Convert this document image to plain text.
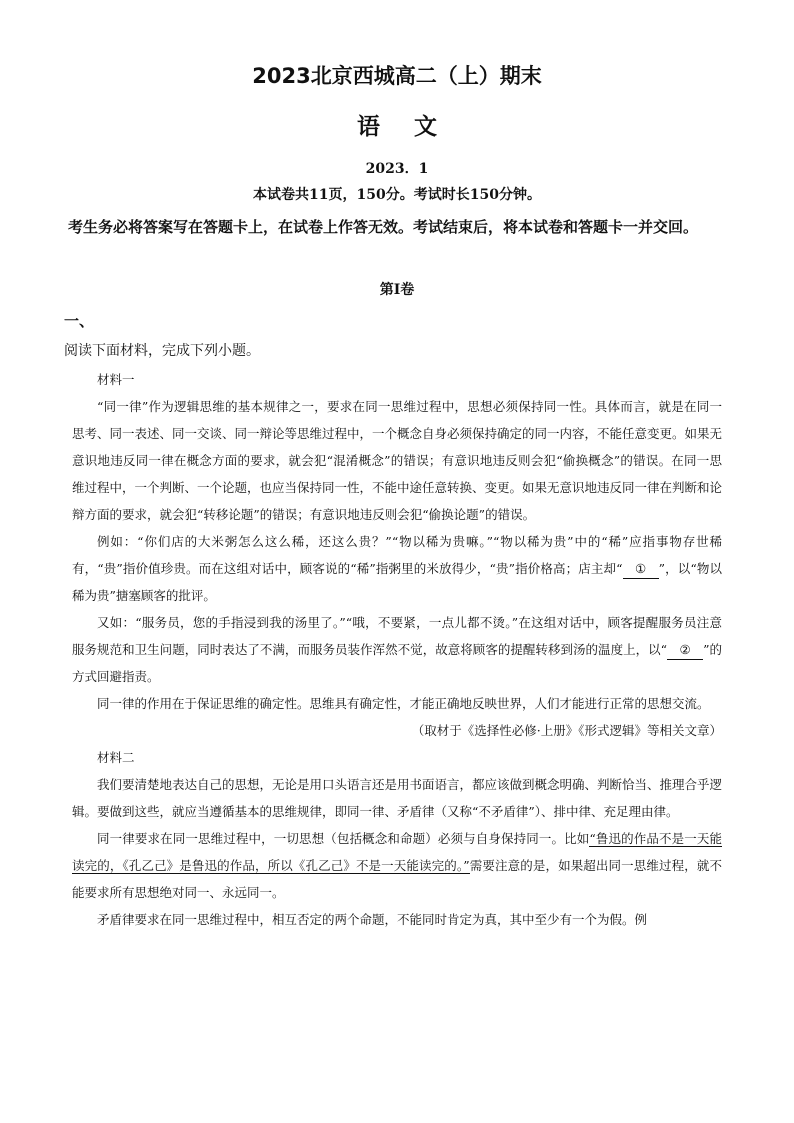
2023北京西城高二（上）期末
语文
2023．1
本试卷共11页，150分。考试时长150分钟。
考生务必将答案写在答题卡上，在试卷上作答无效。考试结束后，将本试卷和答题卡一并交回。
第Ⅰ卷
一、
阅读下面材料，完成下列小题。

材料一

“同一律”作为逻辑思维的基本规律之一，要求在同一思维过程中，思想必须保持同一性。具体而言，就是在同一思考、同一表述、同一交谈、同一辩论等思维过程中，一个概念自身必须保持确定的同一内容，不能任意变更。如果无意识地违反同一律在概念方面的要求，就会犯“混淆概念”的错误；有意识地违反则会犯“偷换概念”的错误。在同一思维过程中，一个判断、一个论题，也应当保持同一性，不能中途任意转换、变更。如果无意识地违反同一律在判断和论辩方面的要求，就会犯“转移论题”的错误；有意识地违反则会犯“偷换论题”的错误。

例如：“你们店的大米粥怎么这么稀，还这么贵？”“物以稀为贵嘛。”“物以稀为贵”中的“稀”应指事物存世稀有，“贵”指价值珍贵。而在这组对话中，顾客说的“稀”指粥里的米放得少，“贵”指价格高；店主却“ ① ”，以“物以稀为贵”搪塞顾客的批评。

又如：“服务员，您的手指浸到我的汤里了。”“哦，不要紧，一点儿都不烫。”在这组对话中，顾客提醒服务员注意服务规范和卫生问题，同时表达了不满，而服务员装作浑然不觉，故意将顾客的提醒转移到汤的温度上，以“ ② ”的方式回避指责。

同一律的作用在于保证思维的确定性。思维具有确定性，才能正确地反映世界，人们才能进行正常的思想交流。

（取材于《选择性必修·上册》《形式逻辑》等相关文章）

材料二

我们要清楚地表达自己的思想，无论是用口头语言还是用书面语言，都应该做到概念明确、判断恰当、推理合乎逻辑。要做到这些，就应当遵循基本的思维规律，即同一律、矛盾律（又称“不矛盾律”）、排中律、充足理由律。

同一律要求在同一思维过程中，一切思想（包括概念和命题）必须与自身保持同一。比如“鲁迅的作品不是一天能读完的，《孔乙己》是鲁迅的作品，所以《孔乙己》不是一天能读完的。”需要注意的是，如果超出同一思维过程，就不能要求所有思想绝对同一、永远同一。

矛盾律要求在同一思维过程中，相互否定的两个命题，不能同时肯定为真，其中至少有一个为假。例
